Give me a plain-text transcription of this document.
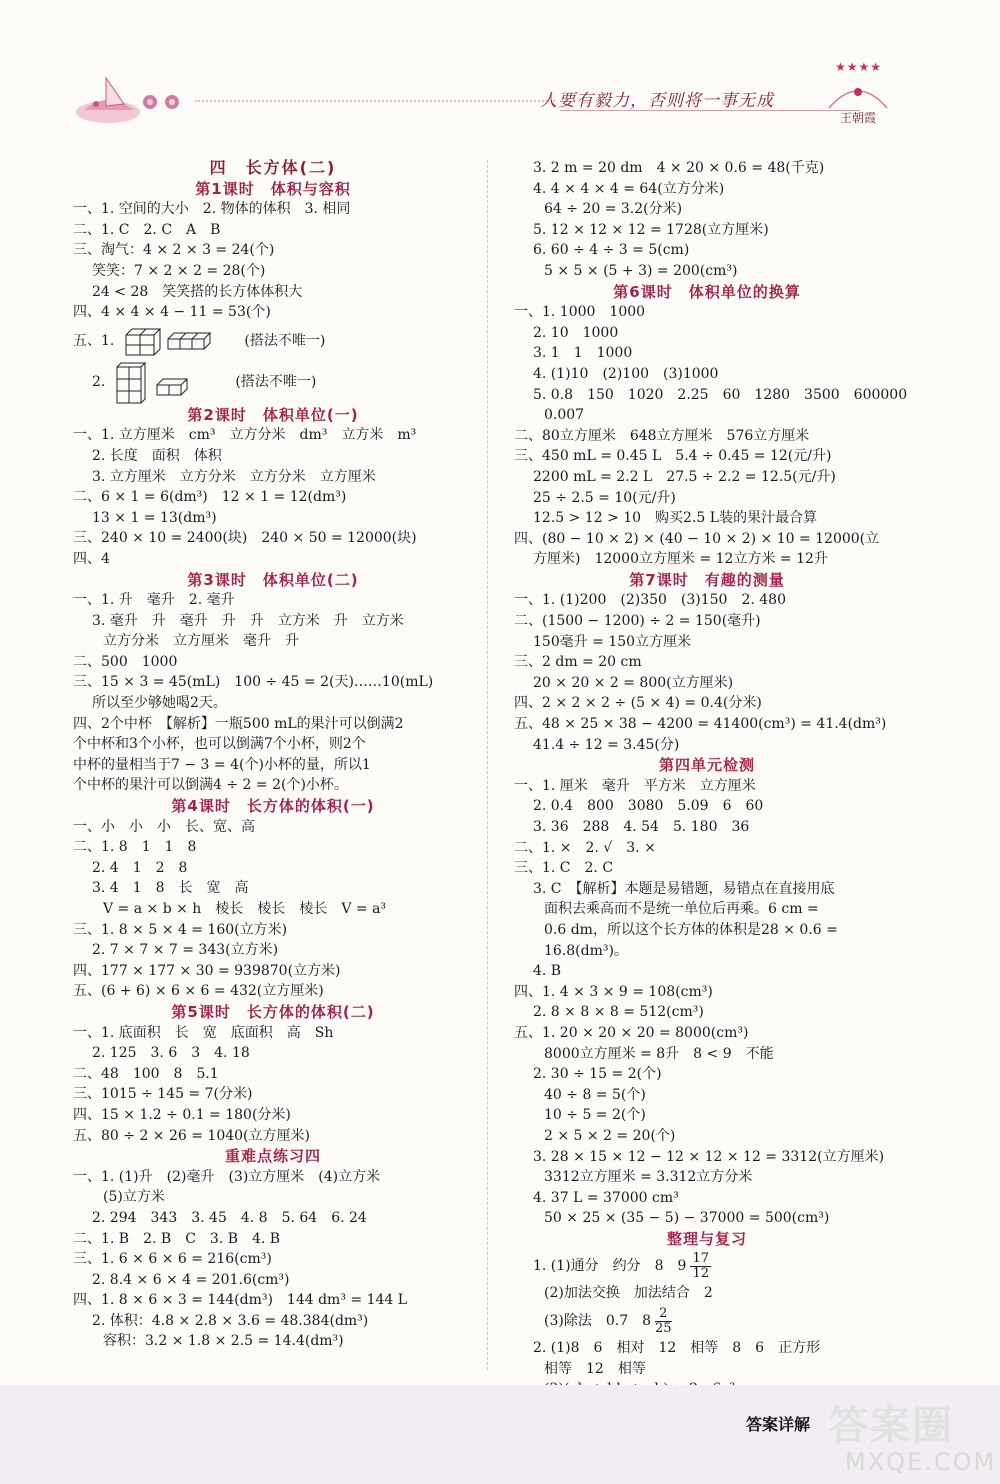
人要有毅力，否则将一事无成
★★★★
王朝霞
四　长方体(二)
第1课时　体积与容积
一、1. 空间的大小　2. 物体的体积　3. 相同
二、1. C　2. C　A　B
三、淘气：4 × 2 × 3 = 24(个)
笑笑：7 × 2 × 2 = 28(个)
24 < 28　笑笑搭的长方体体积大
四、4 × 4 × 4 − 11 = 53(个)
五、1.	(搭法不唯一)
2.	(搭法不唯一)
第2课时　体积单位(一)
一、1. 立方厘米　cm³　立方分米　dm³　立方米　m³
2. 长度　面积　体积
3. 立方厘米　立方分米　立方分米　立方厘米
二、6 × 1 = 6(dm³)　12 × 1 = 12(dm³)
13 × 1 = 13(dm³)
三、240 × 10 = 2400(块)　240 × 50 = 12000(块)
四、4
第3课时　体积单位(二)
一、1. 升　毫升　2. 毫升
3. 毫升　升　毫升　升　升　立方米　升　立方米
立方分米　立方厘米　毫升　升
二、500　1000
三、15 × 3 = 45(mL)　100 ÷ 45 = 2(天)……10(mL)
所以至少够她喝2天。
四、2个中杯　【解析】一瓶500 mL的果汁可以倒满2
个中杯和3个小杯，也可以倒满7个小杯，则2个
中杯的量相当于7 − 3 = 4(个)小杯的量，所以1
个中杯的果汁可以倒满4 ÷ 2 = 2(个)小杯。
第4课时　长方体的体积(一)
一、小　小　小　长、宽、高
二、1. 8　1　1　8
2. 4　1　2　8
3. 4　1　8　长　宽　高
V = a × b × h　棱长　棱长　棱长　V = a³
三、1. 8 × 5 × 4 = 160(立方米)
2. 7 × 7 × 7 = 343(立方米)
四、177 × 177 × 30 = 939870(立方米)
五、(6 + 6) × 6 × 6 = 432(立方厘米)
第5课时　长方体的体积(二)
一、1. 底面积　长　宽　底面积　高　Sh
2. 125　3. 6　3　4. 18
二、48　100　8　5.1
三、1015 ÷ 145 = 7(分米)
四、15 × 1.2 ÷ 0.1 = 180(分米)
五、80 ÷ 2 × 26 = 1040(立方厘米)
重难点练习四
一、1. (1)升　(2)毫升　(3)立方厘米　(4)立方米
(5)立方米
2. 294　343　3. 45　4. 8　5. 64　6. 24
二、1. B　2. B　C　3. B　4. B
三、1. 6 × 6 × 6 = 216(cm³)
2. 8.4 × 6 × 4 = 201.6(cm³)
四、1. 8 × 6 × 3 = 144(dm³)　144 dm³ = 144 L
2. 体积：4.8 × 2.8 × 3.6 = 48.384(dm³)
容积：3.2 × 1.8 × 2.5 = 14.4(dm³)
3. 2 m = 20 dm　4 × 20 × 0.6 = 48(千克)
4. 4 × 4 × 4 = 64(立方分米)
64 ÷ 20 = 3.2(分米)
5. 12 × 12 × 12 = 1728(立方厘米)
6. 60 ÷ 4 ÷ 3 = 5(cm)
5 × 5 × (5 + 3) = 200(cm³)
第6课时　体积单位的换算
一、1. 1000　1000
2. 10　1000
3. 1　1　1000
4. (1)10　(2)100　(3)1000
5. 0.8　150　1020　2.25　60　1280　3500　600000
0.007
二、80立方厘米　648立方厘米　576立方厘米
三、450 mL = 0.45 L　5.4 ÷ 0.45 = 12(元/升)
2200 mL = 2.2 L　27.5 ÷ 2.2 = 12.5(元/升)
25 ÷ 2.5 = 10(元/升)
12.5 > 12 > 10　购买2.5 L装的果汁最合算
四、(80 − 10 × 2) × (40 − 10 × 2) × 10 = 12000(立
方厘米)　12000立方厘米 = 12立方米 = 12升
第7课时　有趣的测量
一、1. (1)200　(2)350　(3)150　2. 480
二、(1500 − 1200) ÷ 2 = 150(毫升)
150毫升 = 150立方厘米
三、2 dm = 20 cm
20 × 20 × 2 = 800(立方厘米)
四、2 × 2 × 2 ÷ (5 × 4) = 0.4(分米)
五、48 × 25 × 38 − 4200 = 41400(cm³) = 41.4(dm³)
41.4 ÷ 12 = 3.45(分)
第四单元检测
一、1. 厘米　毫升　平方米　立方厘米
2. 0.4　800　3080　5.09　6　60
3. 36　288　4. 54　5. 180　36
二、1. ×　2. √　3. ×
三、1. C　2. C
3. C　【解析】本题是易错题，易错点在直接用底
面积去乘高而不是统一单位后再乘。6 cm =
0.6 dm，所以这个长方体的体积是28 × 0.6 =
16.8(dm³)。
4. B
四、1. 4 × 3 × 9 = 108(cm³)
2. 8 × 8 × 8 = 512(cm³)
五、1. 20 × 20 × 20 = 8000(cm³)
8000立方厘米 = 8升　8 < 9　不能
2. 30 ÷ 15 = 2(个)
40 ÷ 8 = 5(个)
10 ÷ 5 = 2(个)
2 × 5 × 2 = 20(个)
3. 28 × 15 × 12 − 12 × 12 × 12 = 3312(立方厘米)
3312立方厘米 = 3.312立方分米
4. 37 L = 37000 cm³
50 × 25 × (35 − 5) − 37000 = 500(cm³)
整理与复习
1. (1)通分　约分　8　$9 \frac{17}{12}$
(2)加法交换　加法结合　2
(3)除法　0.7　$8 \frac{2}{25}$
2. (1)8　6　相对　12　相等　8　6　正方形
相等　12　相等
答案详解 答案圈
MXQE.COM
